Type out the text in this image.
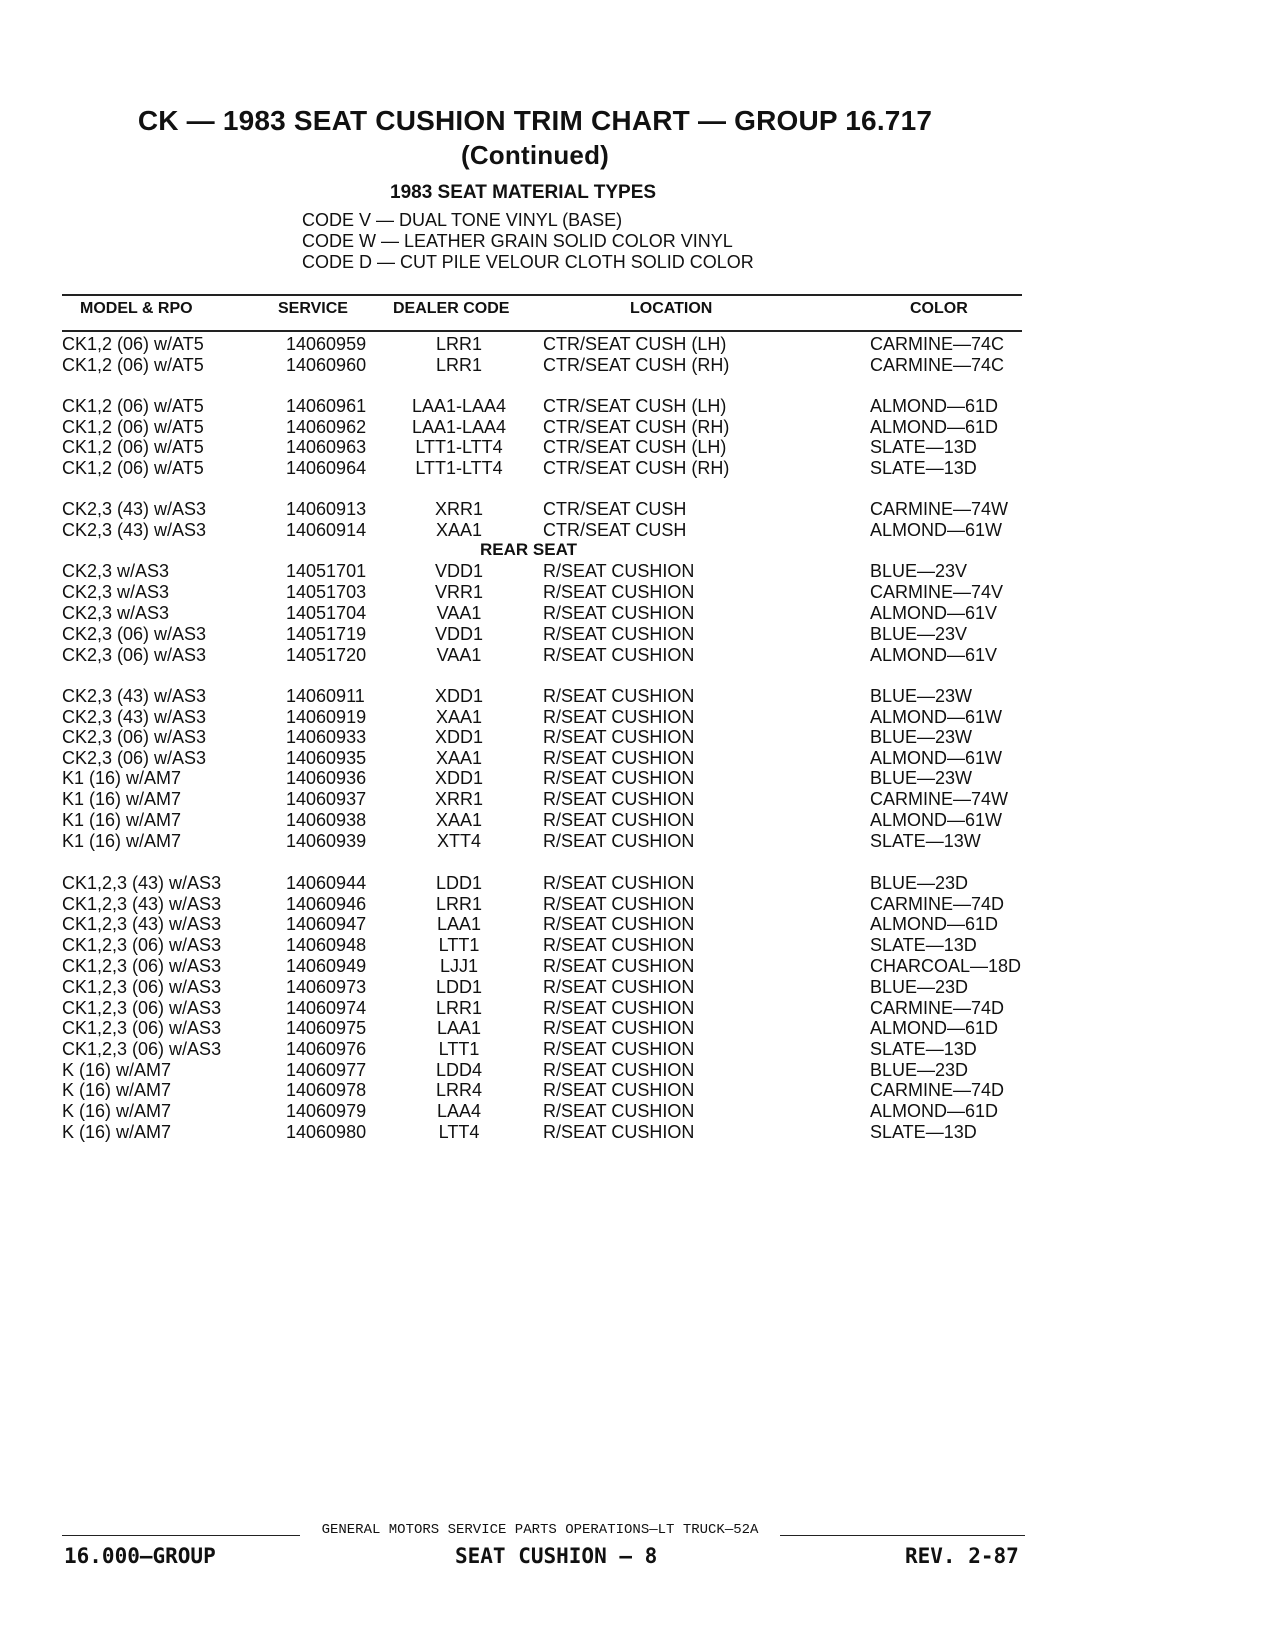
CK — 1983 SEAT CUSHION TRIM CHART — GROUP 16.717
(Continued)
1983 SEAT MATERIAL TYPES
CODE V — DUAL TONE VINYL (BASE)
CODE W — LEATHER GRAIN SOLID COLOR VINYL
CODE D — CUT PILE VELOUR CLOTH SOLID COLOR
MODEL & RPO	SERVICE	DEALER CODE	LOCATION	COLOR
REAR SEAT
CK1,2 (06) w/AT5	14060959	LRR1	CTR/SEAT CUSH (LH)	CARMINE—74C
CK1,2 (06) w/AT5	14060960	LRR1	CTR/SEAT CUSH (RH)	CARMINE—74C
CK1,2 (06) w/AT5	14060961	LAA1-LAA4	CTR/SEAT CUSH (LH)	ALMOND—61D
CK1,2 (06) w/AT5	14060962	LAA1-LAA4	CTR/SEAT CUSH (RH)	ALMOND—61D
CK1,2 (06) w/AT5	14060963	LTT1-LTT4	CTR/SEAT CUSH (LH)	SLATE—13D
CK1,2 (06) w/AT5	14060964	LTT1-LTT4	CTR/SEAT CUSH (RH)	SLATE—13D
CK2,3 (43) w/AS3	14060913	XRR1	CTR/SEAT CUSH	CARMINE—74W
CK2,3 (43) w/AS3	14060914	XAA1	CTR/SEAT CUSH	ALMOND—61W
CK2,3 w/AS3	14051701	VDD1	R/SEAT CUSHION	BLUE—23V
CK2,3 w/AS3	14051703	VRR1	R/SEAT CUSHION	CARMINE—74V
CK2,3 w/AS3	14051704	VAA1	R/SEAT CUSHION	ALMOND—61V
CK2,3 (06) w/AS3	14051719	VDD1	R/SEAT CUSHION	BLUE—23V
CK2,3 (06) w/AS3	14051720	VAA1	R/SEAT CUSHION	ALMOND—61V
CK2,3 (43) w/AS3	14060911	XDD1	R/SEAT CUSHION	BLUE—23W
CK2,3 (43) w/AS3	14060919	XAA1	R/SEAT CUSHION	ALMOND—61W
CK2,3 (06) w/AS3	14060933	XDD1	R/SEAT CUSHION	BLUE—23W
CK2,3 (06) w/AS3	14060935	XAA1	R/SEAT CUSHION	ALMOND—61W
K1 (16) w/AM7	14060936	XDD1	R/SEAT CUSHION	BLUE—23W
K1 (16) w/AM7	14060937	XRR1	R/SEAT CUSHION	CARMINE—74W
K1 (16) w/AM7	14060938	XAA1	R/SEAT CUSHION	ALMOND—61W
K1 (16) w/AM7	14060939	XTT4	R/SEAT CUSHION	SLATE—13W
CK1,2,3 (43) w/AS3	14060944	LDD1	R/SEAT CUSHION	BLUE—23D
CK1,2,3 (43) w/AS3	14060946	LRR1	R/SEAT CUSHION	CARMINE—74D
CK1,2,3 (43) w/AS3	14060947	LAA1	R/SEAT CUSHION	ALMOND—61D
CK1,2,3 (06) w/AS3	14060948	LTT1	R/SEAT CUSHION	SLATE—13D
CK1,2,3 (06) w/AS3	14060949	LJJ1	R/SEAT CUSHION	CHARCOAL—18D
CK1,2,3 (06) w/AS3	14060973	LDD1	R/SEAT CUSHION	BLUE—23D
CK1,2,3 (06) w/AS3	14060974	LRR1	R/SEAT CUSHION	CARMINE—74D
CK1,2,3 (06) w/AS3	14060975	LAA1	R/SEAT CUSHION	ALMOND—61D
CK1,2,3 (06) w/AS3	14060976	LTT1	R/SEAT CUSHION	SLATE—13D
K (16) w/AM7	14060977	LDD4	R/SEAT CUSHION	BLUE—23D
K (16) w/AM7	14060978	LRR4	R/SEAT CUSHION	CARMINE—74D
K (16) w/AM7	14060979	LAA4	R/SEAT CUSHION	ALMOND—61D
K (16) w/AM7	14060980	LTT4	R/SEAT CUSHION	SLATE—13D
GENERAL MOTORS SERVICE PARTS OPERATIONS—LT TRUCK—52A
16.000—GROUP	SEAT CUSHION — 8	REV. 2-87
